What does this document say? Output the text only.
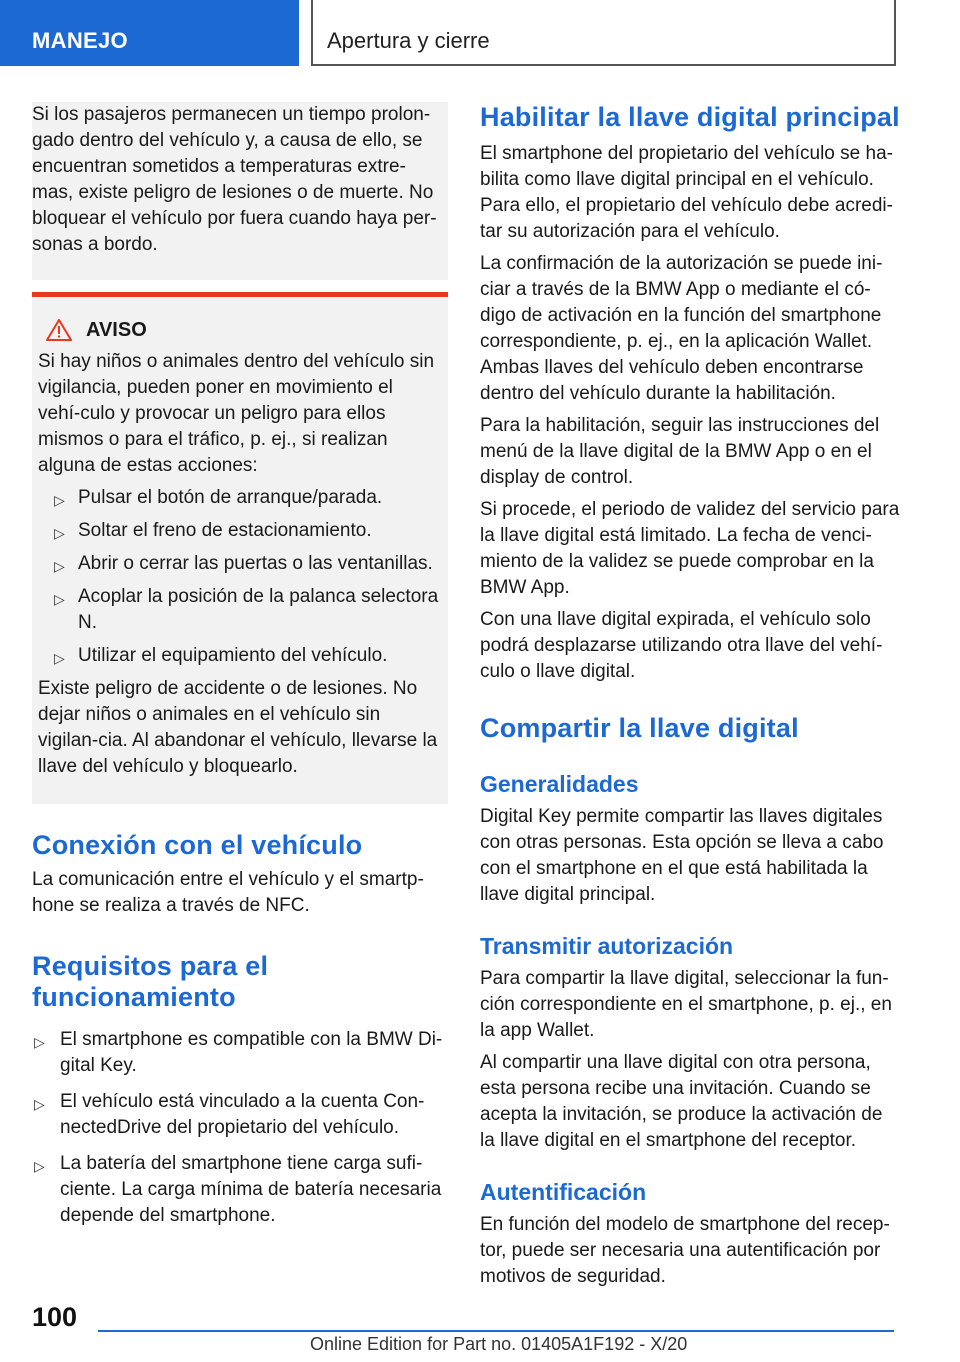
MANEJO	Apertura y cierre

Si los pasajeros permanecen un tiempo prolon-gado dentro del vehículo y, a causa de ello, se encuentran sometidos a temperaturas extre-mas, existe peligro de lesiones o de muerte. No bloquear el vehículo por fuera cuando haya per-sonas a bordo.

AVISO

Si hay niños o animales dentro del vehículo sin vigilancia, pueden poner en movimiento el vehí-culo y provocar un peligro para ellos mismos o para el tráfico, p. ej., si realizan alguna de estas acciones:

▷ Pulsar el botón de arranque/parada.
▷ Soltar el freno de estacionamiento.
▷ Abrir o cerrar las puertas o las ventanillas.
▷ Acoplar la posición de la palanca selectora N.
▷ Utilizar el equipamiento del vehículo.

Existe peligro de accidente o de lesiones. No dejar niños o animales en el vehículo sin vigilan-cia. Al abandonar el vehículo, llevarse la llave del vehículo y bloquearlo.

Conexión con el vehículo

La comunicación entre el vehículo y el smartp-hone se realiza a través de NFC.

Requisitos para el funcionamiento
▷ El smartphone es compatible con la BMW Di-gital Key.
▷ El vehículo está vinculado a la cuenta Con-nectedDrive del propietario del vehículo.
▷ La batería del smartphone tiene carga sufi-ciente. La carga mínima de batería necesaria depende del smartphone.
Habilitar la llave digital principal

El smartphone del propietario del vehículo se ha-bilita como llave digital principal en el vehículo. Para ello, el propietario del vehículo debe acredi-tar su autorización para el vehículo.

La confirmación de la autorización se puede ini-ciar a través de la BMW App o mediante el có-digo de activación en la función del smartphone correspondiente, p. ej., en la aplicación Wallet. Ambas llaves del vehículo deben encontrarse dentro del vehículo durante la habilitación.

Para la habilitación, seguir las instrucciones del menú de la llave digital de la BMW App o en el display de control.

Si procede, el periodo de validez del servicio para la llave digital está limitado. La fecha de venci-miento de la validez se puede comprobar en la BMW App.

Con una llave digital expirada, el vehículo solo podrá desplazarse utilizando otra llave del vehí-culo o llave digital.

Compartir la llave digital
Generalidades

Digital Key permite compartir las llaves digitales con otras personas. Esta opción se lleva a cabo con el smartphone en el que está habilitada la llave digital principal.

Transmitir autorización

Para compartir la llave digital, seleccionar la fun-ción correspondiente en el smartphone, p. ej., en la app Wallet.

Al compartir una llave digital con otra persona, esta persona recibe una invitación. Cuando se acepta la invitación, se produce la activación de la llave digital en el smartphone del receptor.

Autentificación

En función del modelo de smartphone del recep-tor, puede ser necesaria una autentificación por motivos de seguridad.

100
Online Edition for Part no. 01405A1F192 - X/20
